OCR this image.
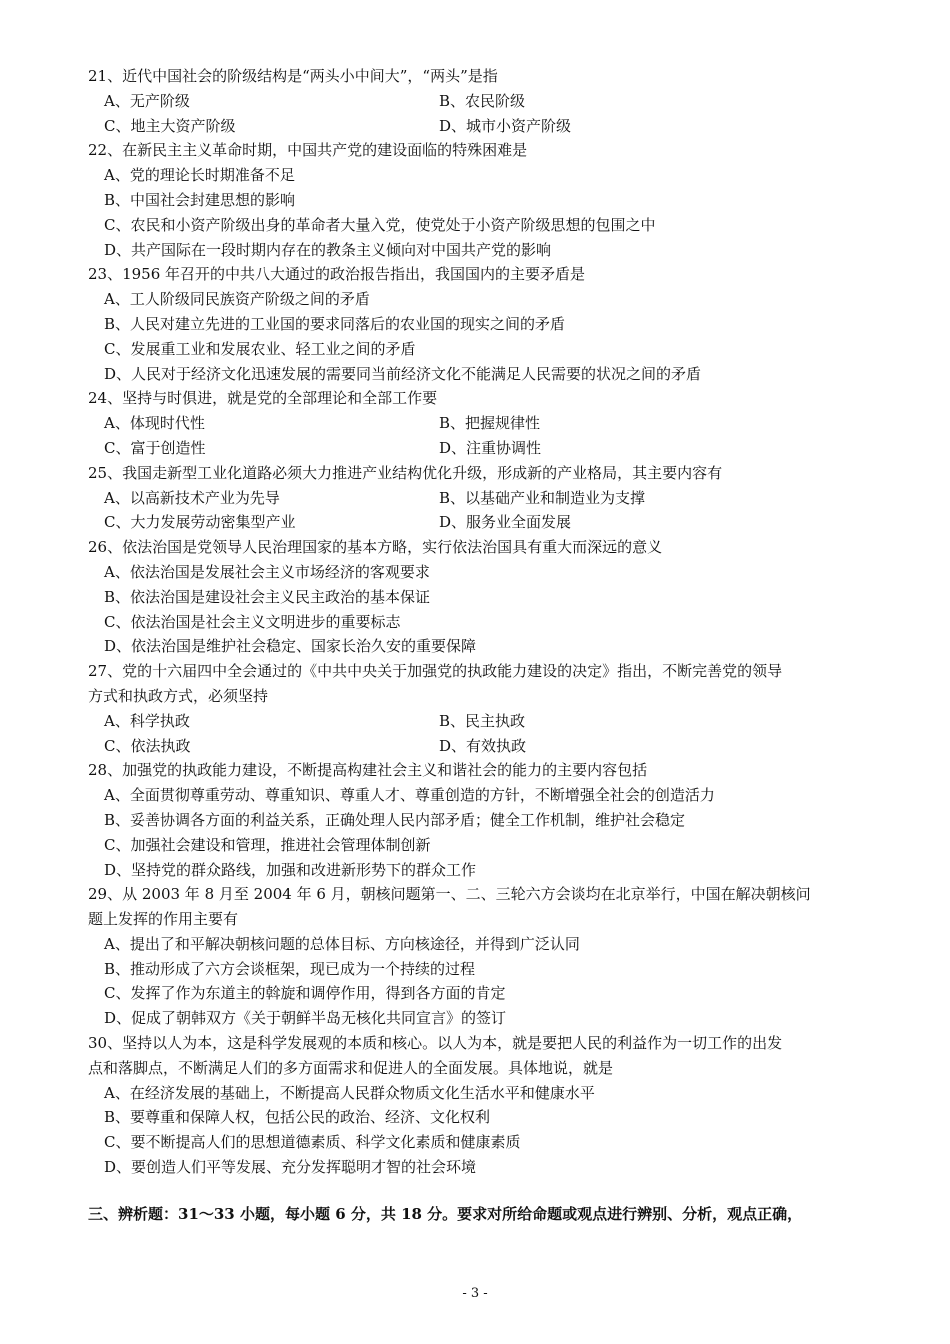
21、近代中国社会的阶级结构是“两头小中间大”，“两头”是指
A、无产阶级	B、农民阶级
C、地主大资产阶级	D、城市小资产阶级
22、在新民主主义革命时期，中国共产党的建设面临的特殊困难是
A、党的理论长时期准备不足
B、中国社会封建思想的影响
C、农民和小资产阶级出身的革命者大量入党，使党处于小资产阶级思想的包围之中
D、共产国际在一段时期内存在的教条主义倾向对中国共产党的影响
23、1956 年召开的中共八大通过的政治报告指出，我国国内的主要矛盾是
A、工人阶级同民族资产阶级之间的矛盾
B、人民对建立先进的工业国的要求同落后的农业国的现实之间的矛盾
C、发展重工业和发展农业、轻工业之间的矛盾
D、人民对于经济文化迅速发展的需要同当前经济文化不能满足人民需要的状况之间的矛盾
24、坚持与时俱进，就是党的全部理论和全部工作要
A、体现时代性	B、把握规律性
C、富于创造性	D、注重协调性
25、我国走新型工业化道路必须大力推进产业结构优化升级，形成新的产业格局，其主要内容有
A、以高新技术产业为先导	B、以基础产业和制造业为支撑
C、大力发展劳动密集型产业	D、服务业全面发展
26、依法治国是党领导人民治理国家的基本方略，实行依法治国具有重大而深远的意义
A、依法治国是发展社会主义市场经济的客观要求
B、依法治国是建设社会主义民主政治的基本保证
C、依法治国是社会主义文明进步的重要标志
D、依法治国是维护社会稳定、国家长治久安的重要保障
27、党的十六届四中全会通过的《中共中央关于加强党的执政能力建设的决定》指出，不断完善党的领导
方式和执政方式，必须坚持
A、科学执政	B、民主执政
C、依法执政	D、有效执政
28、加强党的执政能力建设，不断提高构建社会主义和谐社会的能力的主要内容包括
A、全面贯彻尊重劳动、尊重知识、尊重人才、尊重创造的方针，不断增强全社会的创造活力
B、妥善协调各方面的利益关系，正确处理人民内部矛盾；健全工作机制，维护社会稳定
C、加强社会建设和管理，推进社会管理体制创新
D、坚持党的群众路线，加强和改进新形势下的群众工作
29、从 2003 年 8 月至 2004 年 6 月，朝核问题第一、二、三轮六方会谈均在北京举行，中国在解决朝核问
题上发挥的作用主要有
A、提出了和平解决朝核问题的总体目标、方向核途径，并得到广泛认同
B、推动形成了六方会谈框架，现已成为一个持续的过程
C、发挥了作为东道主的斡旋和调停作用，得到各方面的肯定
D、促成了朝韩双方《关于朝鲜半岛无核化共同宣言》的签订
30、坚持以人为本，这是科学发展观的本质和核心。以人为本，就是要把人民的利益作为一切工作的出发
点和落脚点，不断满足人们的多方面需求和促进人的全面发展。具体地说，就是
A、在经济发展的基础上，不断提高人民群众物质文化生活水平和健康水平
B、要尊重和保障人权，包括公民的政治、经济、文化权利
C、要不断提高人们的思想道德素质、科学文化素质和健康素质
D、要创造人们平等发展、充分发挥聪明才智的社会环境
三、辨析题：31～33 小题，每小题 6 分，共 18 分。要求对所给命题或观点进行辨别、分析，观点正确，
- 3 -
